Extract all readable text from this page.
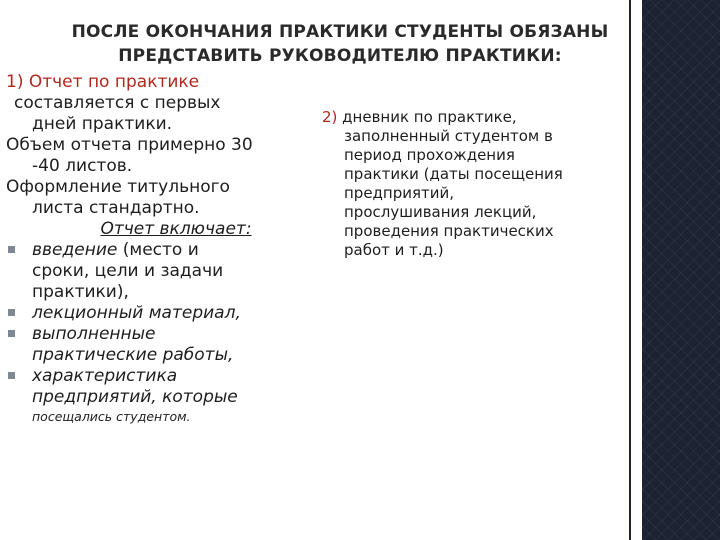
ПОСЛЕ ОКОНЧАНИЯ ПРАКТИКИ СТУДЕНТЫ ОБЯЗАНЫ
ПРЕДСТАВИТЬ РУКОВОДИТЕЛЮ ПРАКТИКИ:

1) Отчет по практике

составляется с первых

дней практики.

Объем отчета примерно 30

-40 листов.

Оформление титульного

листа стандартно.

Отчет включает:

введение (место и
сроки, цели и задачи
практики),
лекционный материал,
выполненные
практические работы,
характеристика
предприятий, которые
посещались студентом.
2) дневник по практике,
заполненный студентом в
период прохождения
практики (даты посещения
предприятий,
прослушивания лекций,
проведения практических
работ и т.д.)
